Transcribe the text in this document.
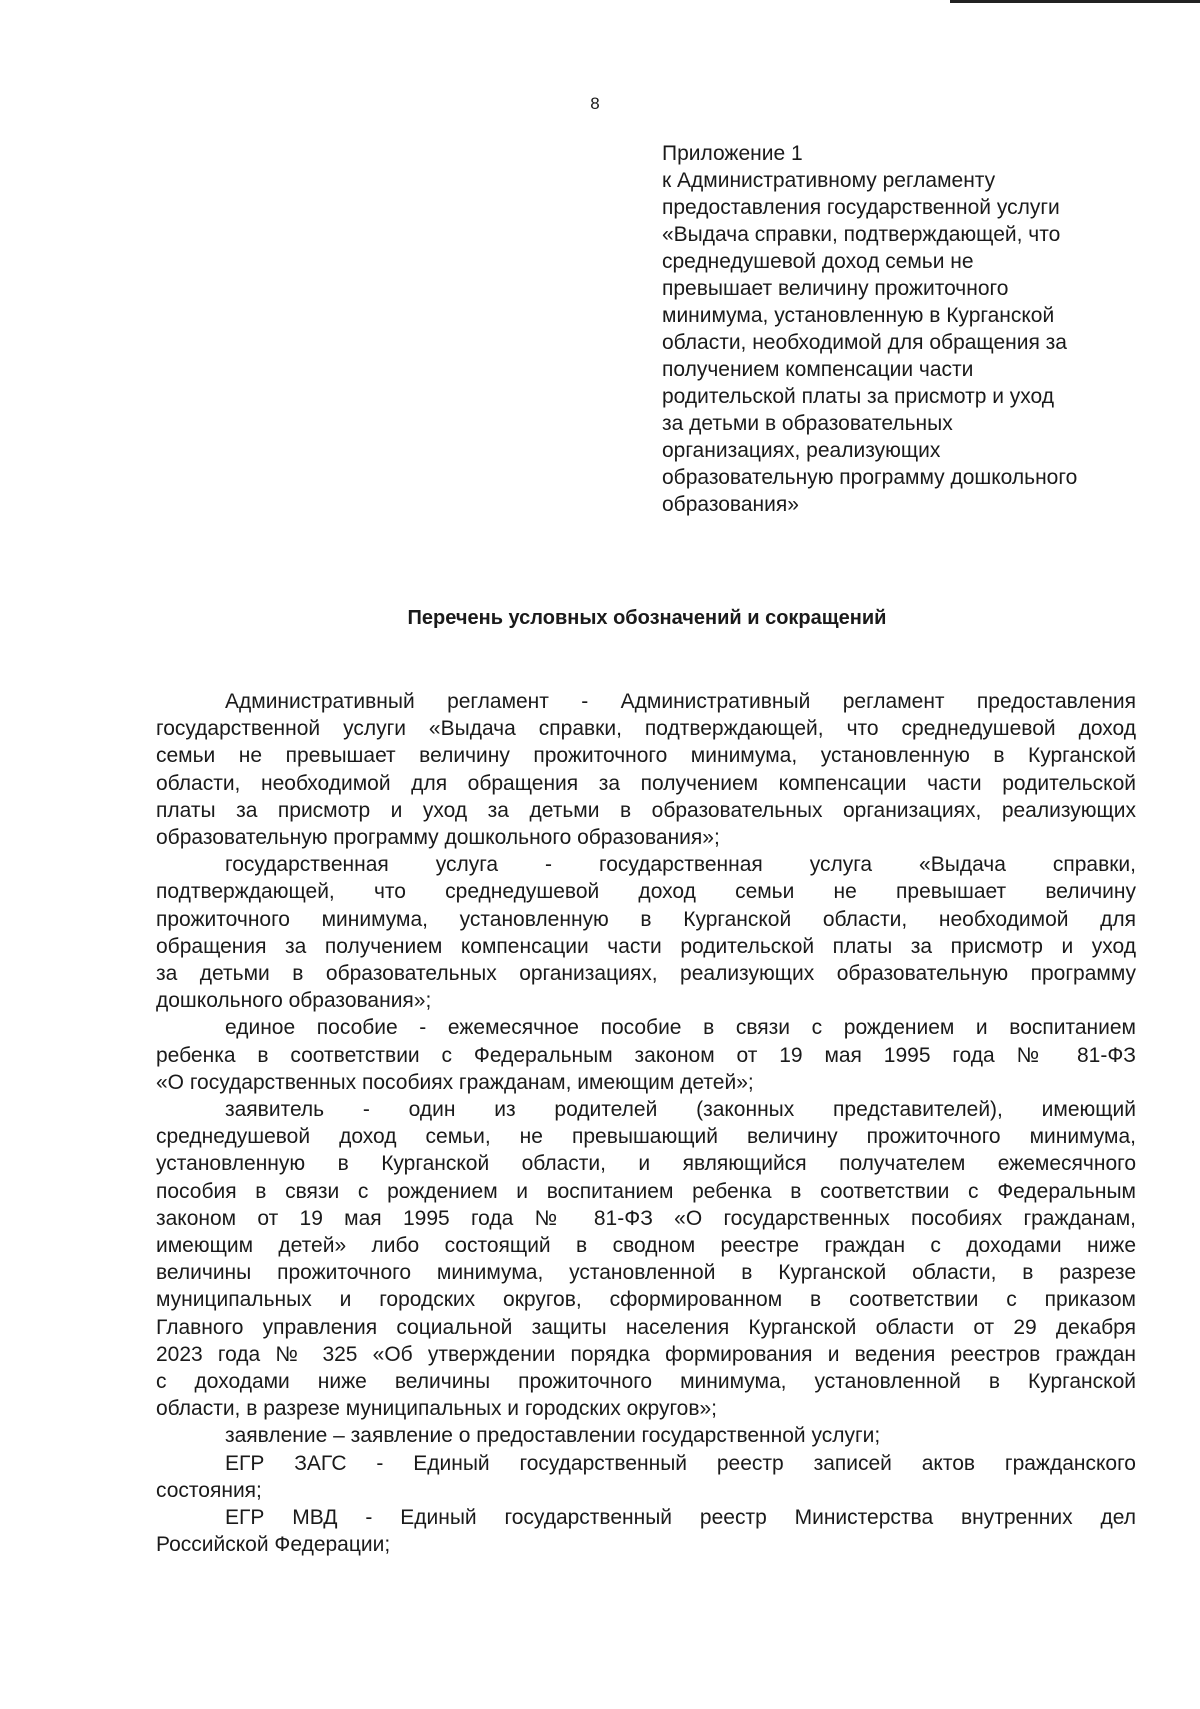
8
Приложение 1
к Административному регламенту
предоставления государственной услуги
«Выдача справки, подтверждающей, что
среднедушевой доход семьи не
превышает величину прожиточного
минимума, установленную в Курганской
области, необходимой для обращения за
получением компенсации части
родительской платы за присмотр и уход
за детьми в образовательных
организациях, реализующих
образовательную программу дошкольного
образования»
Перечень условных обозначений и сокращений
Административный регламент - Административный регламент предоставления
государственной услуги «Выдача справки, подтверждающей, что среднедушевой доход
семьи не превышает величину прожиточного минимума, установленную в Курганской
области, необходимой для обращения за получением компенсации части родительской
платы за присмотр и уход за детьми в образовательных организациях, реализующих
образовательную программу дошкольного образования»;
государственная услуга - государственная услуга «Выдача справки,
подтверждающей, что среднедушевой доход семьи не превышает величину
прожиточного минимума, установленную в Курганской области, необходимой для
обращения за получением компенсации части родительской платы за присмотр и уход
за детьми в образовательных организациях, реализующих образовательную программу
дошкольного образования»;
единое пособие - ежемесячное пособие в связи с рождением и воспитанием
ребенка в соответствии с Федеральным законом от 19 мая 1995 года № 81-ФЗ
«О государственных пособиях гражданам, имеющим детей»;
заявитель - один из родителей (законных представителей), имеющий
среднедушевой доход семьи, не превышающий величину прожиточного минимума,
установленную в Курганской области, и являющийся получателем ежемесячного
пособия в связи с рождением и воспитанием ребенка в соответствии с Федеральным
законом от 19 мая 1995 года № 81-ФЗ «О государственных пособиях гражданам,
имеющим детей» либо состоящий в сводном реестре граждан с доходами ниже
величины прожиточного минимума, установленной в Курганской области, в разрезе
муниципальных и городских округов, сформированном в соответствии с приказом
Главного управления социальной защиты населения Курганской области от 29 декабря
2023 года № 325 «Об утверждении порядка формирования и ведения реестров граждан
с доходами ниже величины прожиточного минимума, установленной в Курганской
области, в разрезе муниципальных и городских округов»;
заявление – заявление о предоставлении государственной услуги;
ЕГР ЗАГС - Единый государственный реестр записей актов гражданского
состояния;
ЕГР МВД - Единый государственный реестр Министерства внутренних дел
Российской Федерации;
